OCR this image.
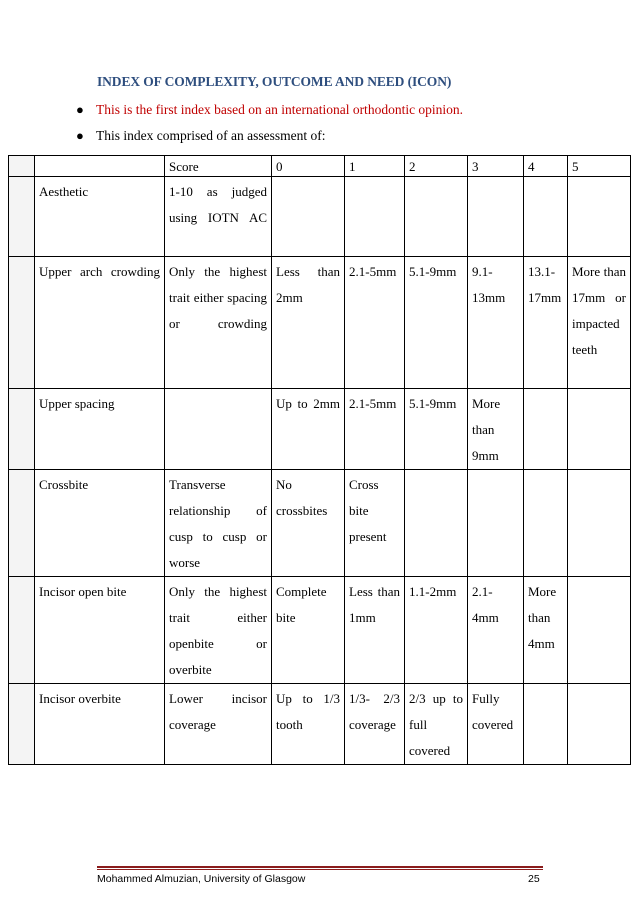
INDEX OF COMPLEXITY, OUTCOME AND NEED (ICON)
● This is the first index based on an international orthodontic opinion.
● This index comprised of an assessment of:
		Score	0	1	2	3	4	5
	Aesthetic	1-10 as judged using IOTN AC						
	Upper arch crowding	Only the highest trait either spacing or crowding	Less than 2mm	2.1-5mm	5.1-9mm	9.1-13mm	13.1-17mm	More than 17mm or impacted teeth
	Upper spacing		Up to 2mm	2.1-5mm	5.1-9mm	More than 9mm		
	Crossbite	Transverse relationship of cusp to cusp or worse	No crossbites	Cross bite present				
	Incisor open bite	Only the highest trait either openbite or overbite	Complete bite	Less than 1mm	1.1-2mm	2.1-4mm	More than 4mm	
	Incisor overbite	Lower incisor coverage	Up to 1/3 tooth	1/3- 2/3 coverage	2/3 up to full covered	Fully covered		
Mohammed Almuzian, University of Glasgow	25
